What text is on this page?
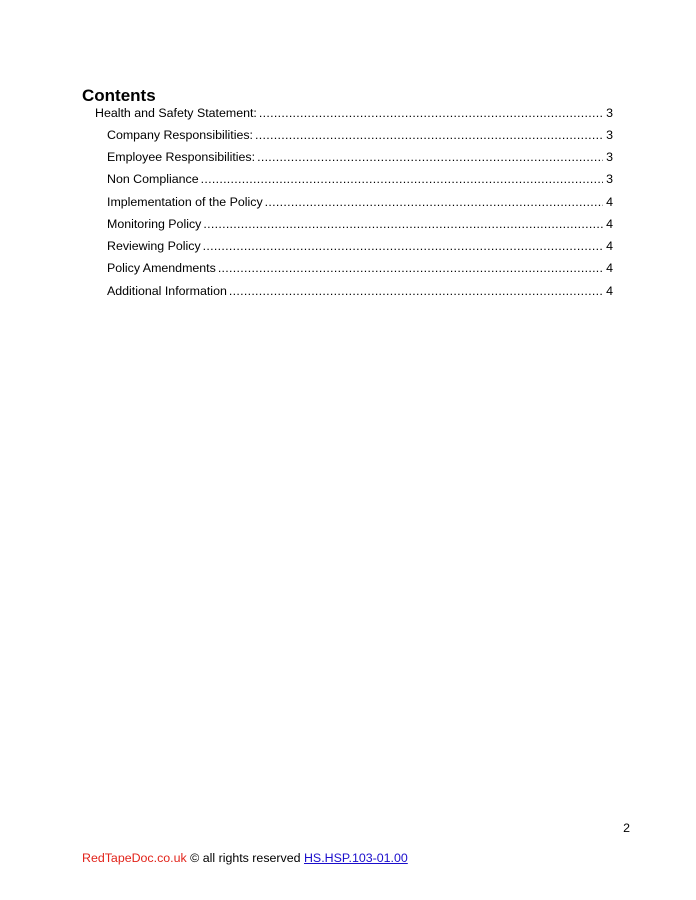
Contents
Health and Safety Statement: .....	3
Company Responsibilities: .....	3
Employee Responsibilities: .....	3
Non Compliance .....	3
Implementation of the Policy .....	4
Monitoring Policy .....	4
Reviewing Policy .....	4
Policy Amendments .....	4
Additional Information .....	4
2
RedTapeDoc.co.uk © all rights reserved HS.HSP.103-01.00
